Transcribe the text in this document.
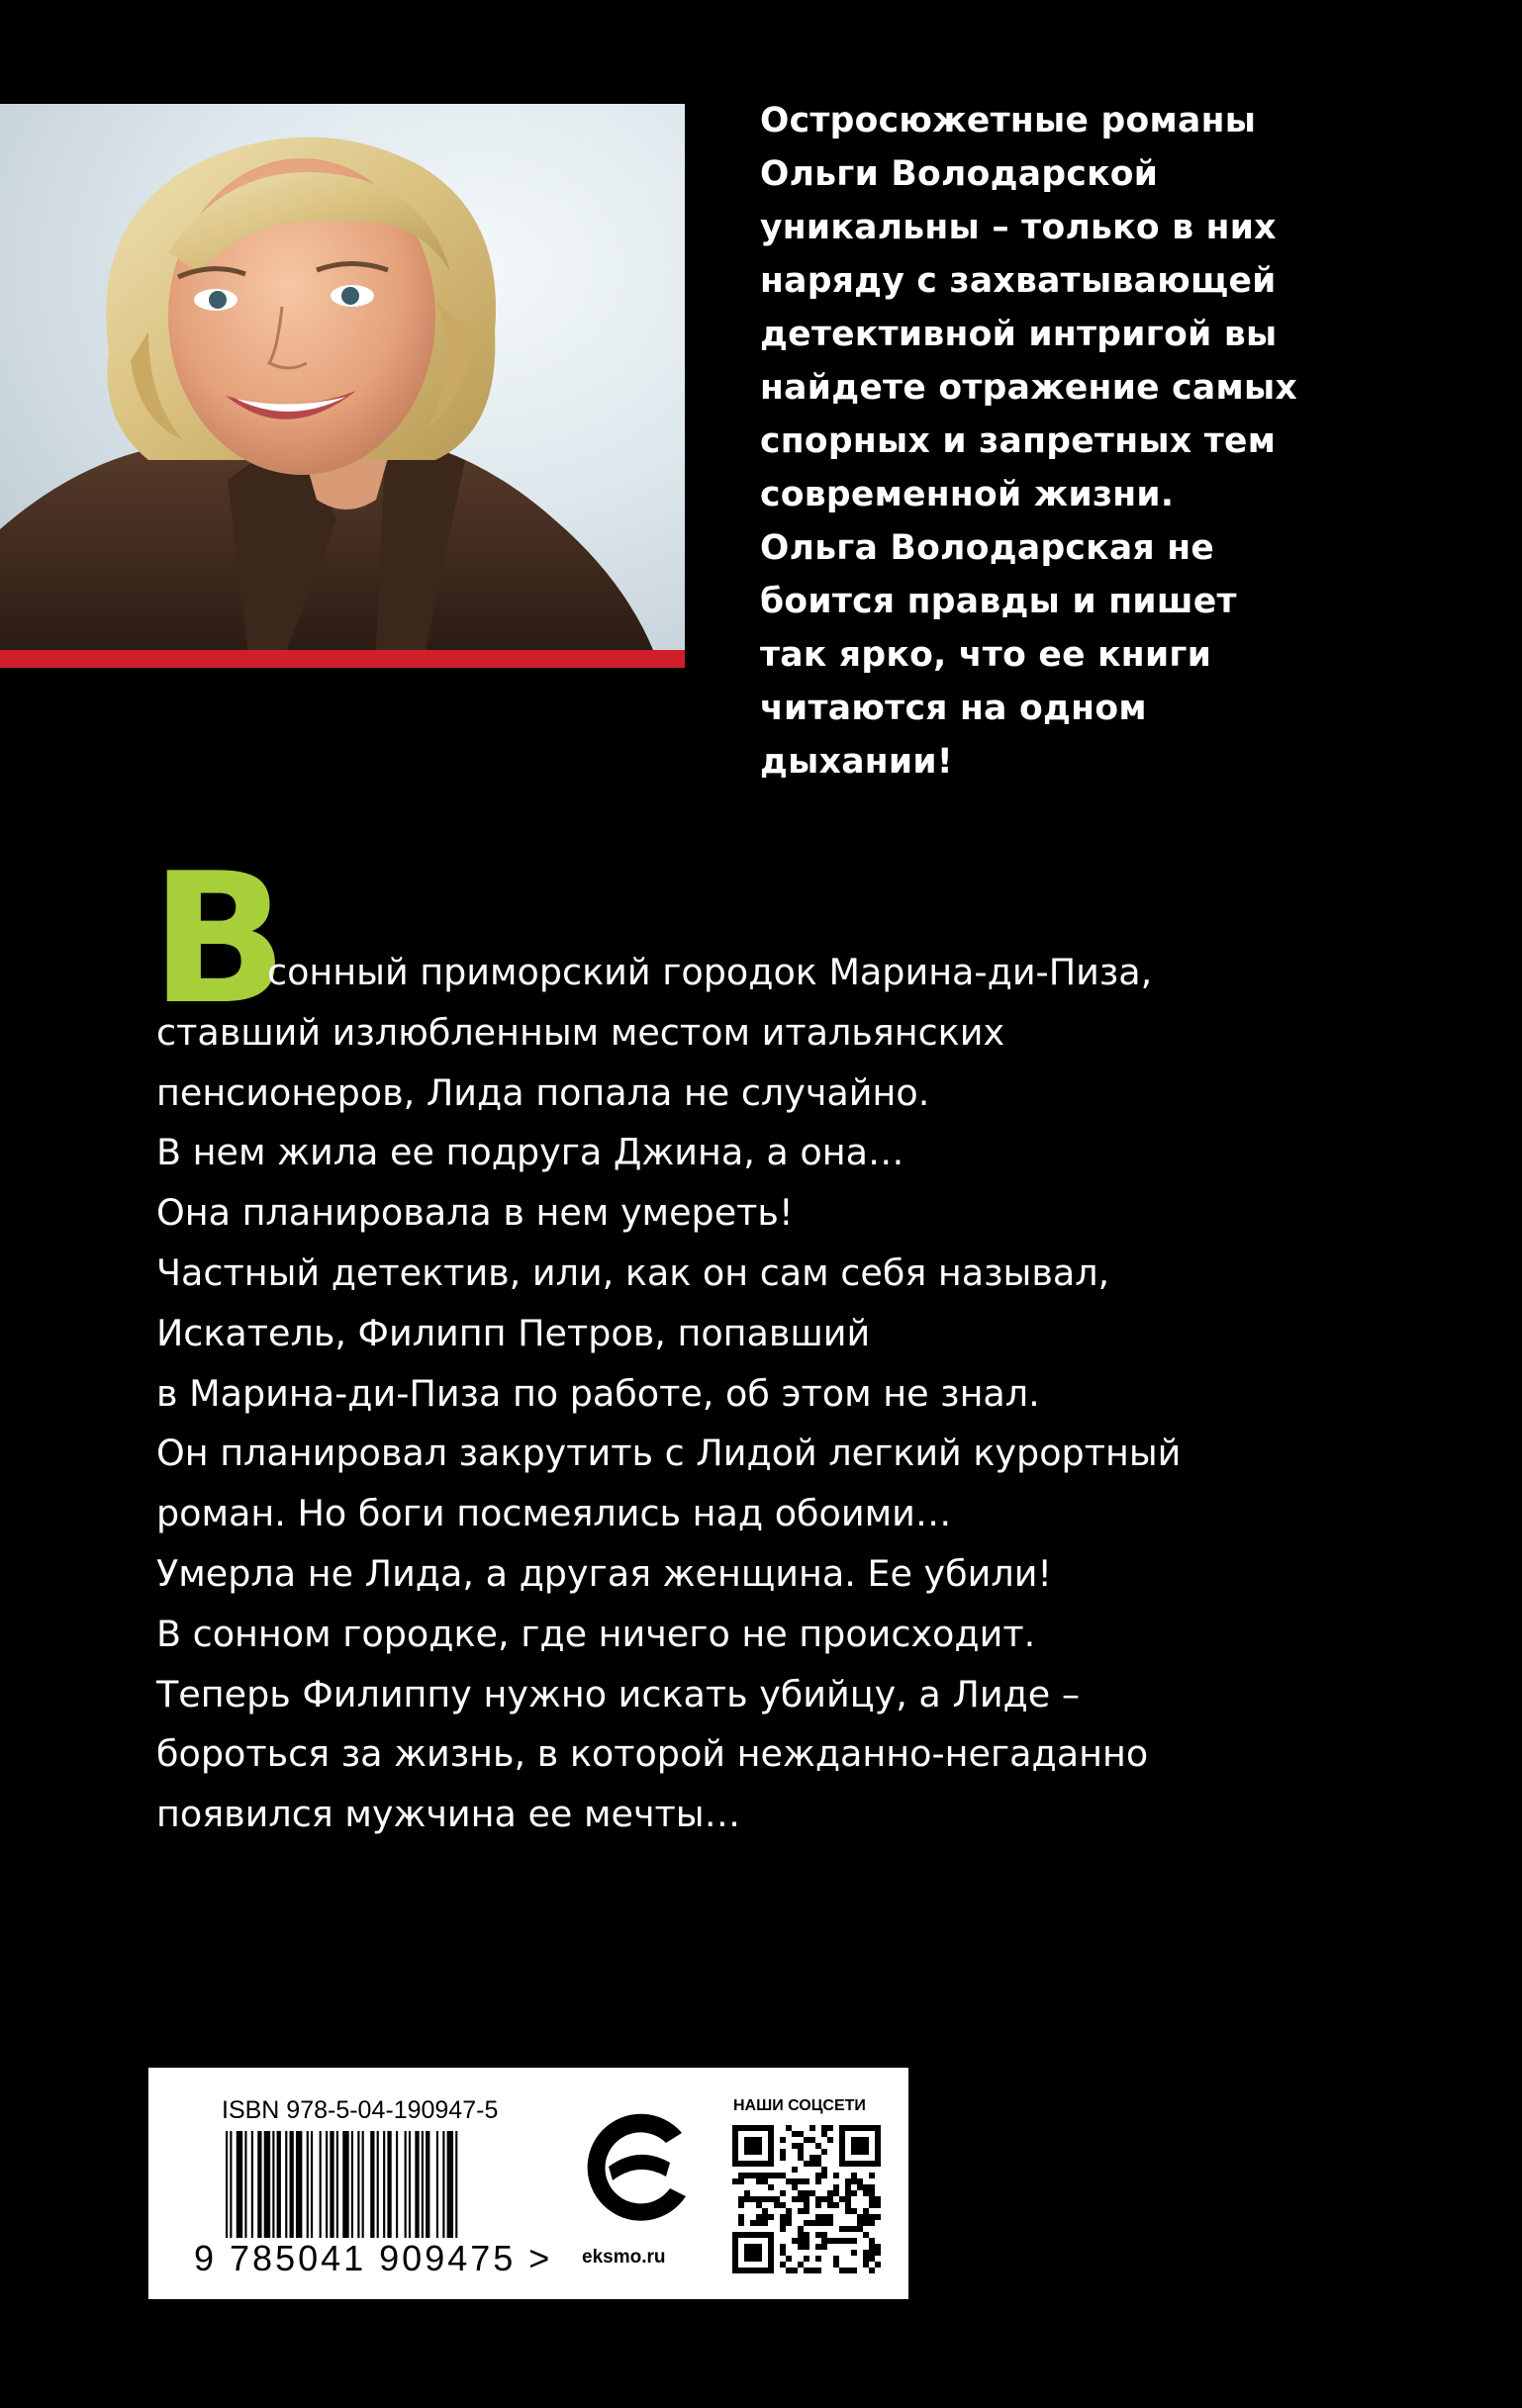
Остросюжетные романы
Ольги Володарской
уникальны – только в них
наряду с захватывающей
детективной интригой вы
найдете отражение самых
спорных и запретных тем
современной жизни.
Ольга Володарская не
боится правды и пишет
так ярко, что ее книги
читаются на одном
дыхании!
В
сонный приморский городок Марина-ди-Пиза,
ставший излюбленным местом итальянских
пенсионеров, Лида попала не случайно.
В нем жила ее подруга Джина, а она…
Она планировала в нем умереть!
Частный детектив, или, как он сам себя называл,
Искатель, Филипп Петров, попавший
в Марина-ди-Пиза по работе, об этом не знал.
Он планировал закрутить с Лидой легкий курортный
роман. Но боги посмеялись над обоими…
Умерла не Лида, а другая женщина. Ее убили!
В сонном городке, где ничего не происходит.
Теперь Филиппу нужно искать убийцу, а Лиде –
бороться за жизнь, в которой нежданно-негаданно
появился мужчина ее мечты…
ISBN 978-5-04-190947-5
9 785041 909475 > eksmo.ru
НАШИ СОЦСЕТИ
